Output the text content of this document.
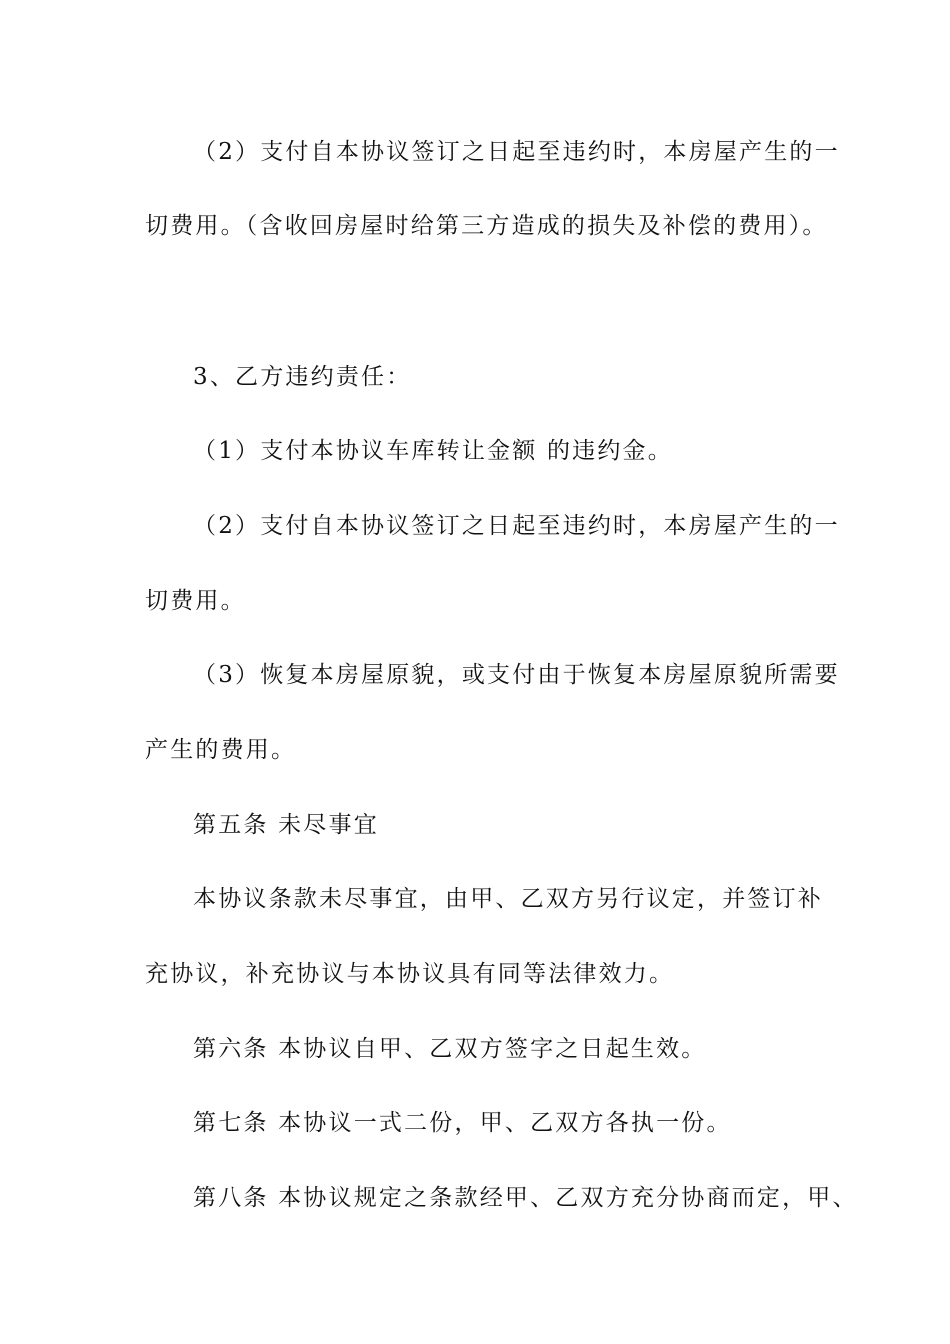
（2）支付自本协议签订之日起至违约时，本房屋产生的一
切费用。（含收回房屋时给第三方造成的损失及补偿的费用）。
3、乙方违约责任：
（1）支付本协议车库转让金额 的违约金。
（2）支付自本协议签订之日起至违约时，本房屋产生的一
切费用。
（3）恢复本房屋原貌，或支付由于恢复本房屋原貌所需要
产生的费用。
第五条 未尽事宜
本协议条款未尽事宜，由甲、乙双方另行议定，并签订补
充协议，补充协议与本协议具有同等法律效力。
第六条 本协议自甲、乙双方签字之日起生效。
第七条 本协议一式二份，甲、乙双方各执一份。
第八条 本协议规定之条款经甲、乙双方充分协商而定，甲、
